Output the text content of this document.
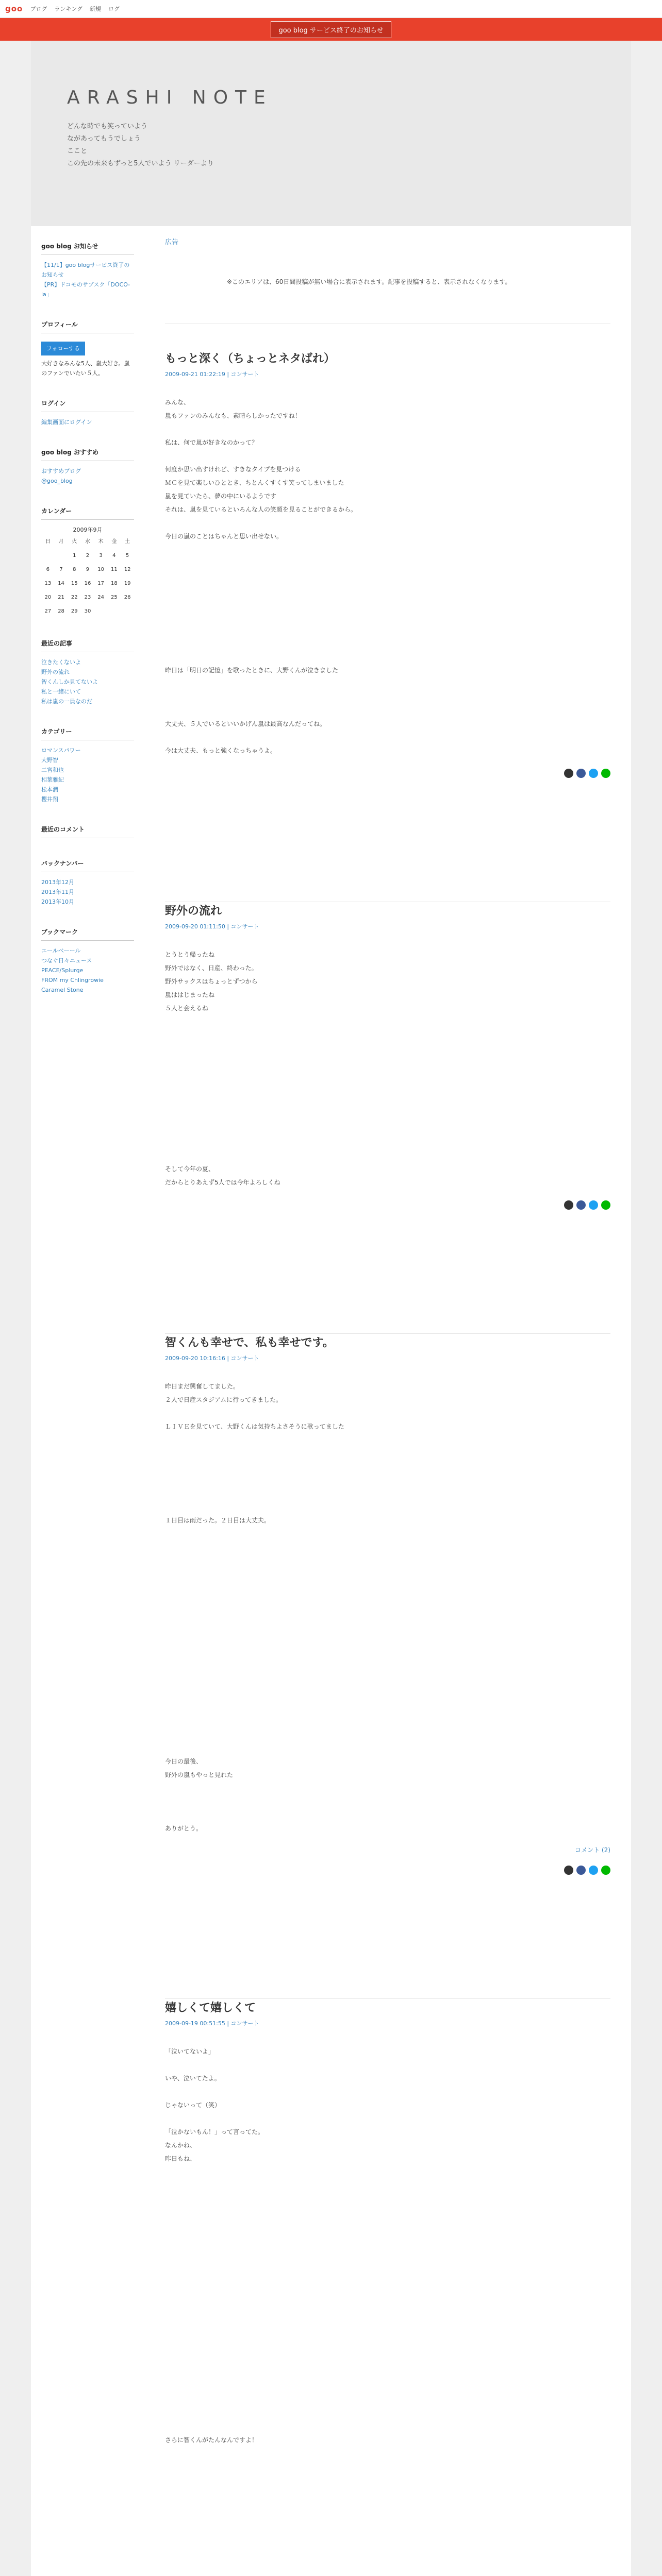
goo ブログ ランキング 新規 ログ
goo blog サービス終了のお知らせ
ARASHI NOTE
どんな時でも笑っていよう
ながあってもうでしょう
ここと
この先の未来もずっと5人でいよう リーダーより
goo blog お知らせ
【11/1】goo blogサービス終了のお知らせ
【PR】ドコモのサブスク「DOCO-ia」
プロフィール
フォローする
大好きなみんな5人、嵐大好き。嵐のファンでいたい５人。
ログイン
編集画面にログイン
goo blog おすすめ
おすすめブログ
@goo_blog
カレンダー
2009年9月
日	月	火	水	木	金	土
		1	2	3	4	5
6	7	8	9	10	11	12
13	14	15	16	17	18	19
20	21	22	23	24	25	26
27	28	29	30			
最近の記事
泣きたくないよ
野外の流れ
智くんしか見てないよ
私と一緒にいて
私は嵐の一員なのだ
カテゴリー
ロマンスパワー
大野智
二宮和也
相葉雅紀
松本潤
櫻井翔
最近のコメント
バックナンバー
2013年12月
2013年11月
2013年10月
ブックマーク
エールベーール
つなぐ日々ニュース
PEACE/Splurge
FROM my Chlingrowie
Caramel Stone
広告

※このエリアは、60日間投稿が無い場合に表示されます。記事を投稿すると、表示されなくなります。

もっと深く（ちょっとネタばれ）
2009-09-21 01:22:19 | コンサート

みんな、

嵐もファンのみんなも、素晴らしかったですね！

私は、何で嵐が好きなのかって？

何度か思い出すけれど、すきなタイプを見つける

ＭＣを見て楽しいひととき、ちとんくすくす笑ってしまいました

嵐を見ていたら、夢の中にいるようです

それは、嵐を見ているといろんな人の笑顔を見ることができるから。

今日の嵐のことはちゃんと思い出せない。

昨日は「明日の記憶」を歌ったときに、大野くんが泣きました

大丈夫、５人でいるといいかげん嵐は最高なんだってね。

今は大丈夫、もっと強くなっちゃうよ。

野外の流れ
2009-09-20 01:11:50 | コンサート

とうとう帰ったね

野外ではなく、日産、終わった。

野外サックスはちょっとずつから

嵐ははじまったね

５人と会えるね

そして今年の夏、

だからとりあえず5人では今年よろしくね

智くんも幸せで、私も幸せです。
2009-09-20 10:16:16 | コンサート

昨日まだ興奮してました。

２人で日産スタジアムに行ってきました。

ＬＩＶＥを見ていて、大野くんは気持ちよさそうに歌ってました

１日目は雨だった。２日目は大丈夫。

今日の最後、

野外の嵐もやっと見れた

ありがとう。

コメント (2)
嬉しくて嬉しくて
2009-09-19 00:51:55 | コンサート

「泣いてないよ」

いや、泣いてたよ。

じゃないって（笑）

「泣かないもん！」って言ってた。

なんかね、

昨日もね、

さらに智くんがたんなんですよ！
